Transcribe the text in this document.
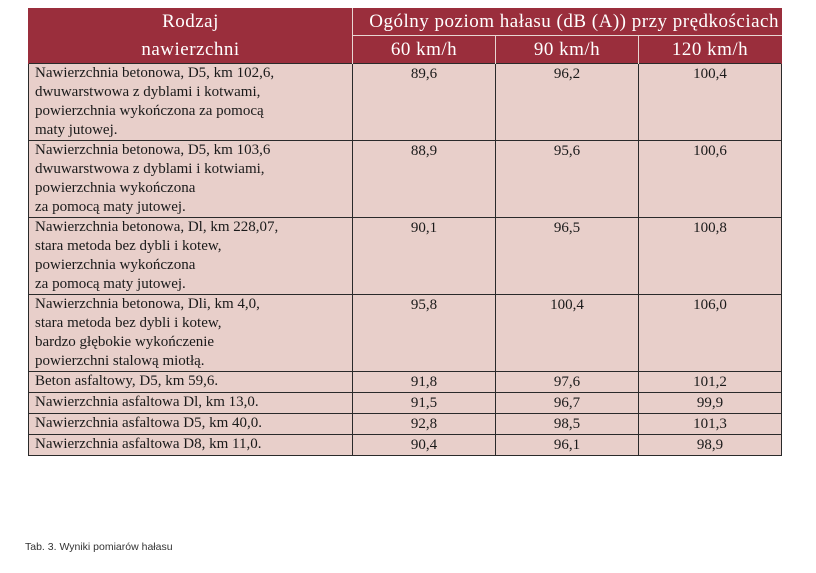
Rodzaj	Ogólny poziom hałasu (dB (A)) przy prędkościach		
nawierzchni	60 km/h	90 km/h	120 km/h

Nawierzchnia betonowa, D5, km 102,6,
dwuwarstwowa z dyblami i kotwami,
powierzchnia wykończona za pomocą
maty jutowej.	89,6	96,2	100,4

Nawierzchnia betonowa, D5, km 103,6
dwuwarstwowa z dyblami i kotwiami,
powierzchnia wykończona
za pomocą maty jutowej.	88,9	95,6	100,6

Nawierzchnia betonowa, Dl, km 228,07,
stara metoda bez dybli i kotew,
powierzchnia wykończona
za pomocą maty jutowej.	90,1	96,5	100,8

Nawierzchnia betonowa, Dli, km 4,0,
stara metoda bez dybli i kotew,
bardzo głębokie wykończenie
powierzchni stalową miotłą.	95,8	100,4	106,0

Beton asfaltowy, D5, km 59,6.	91,8	97,6	101,2

Nawierzchnia asfaltowa Dl, km 13,0.	91,5	96,7	99,9

Nawierzchnia asfaltowa D5, km 40,0.	92,8	98,5	101,3

Nawierzchnia asfaltowa D8, km 11,0.	90,4	96,1	98,9
Tab. 3. Wyniki pomiarów hałasu
